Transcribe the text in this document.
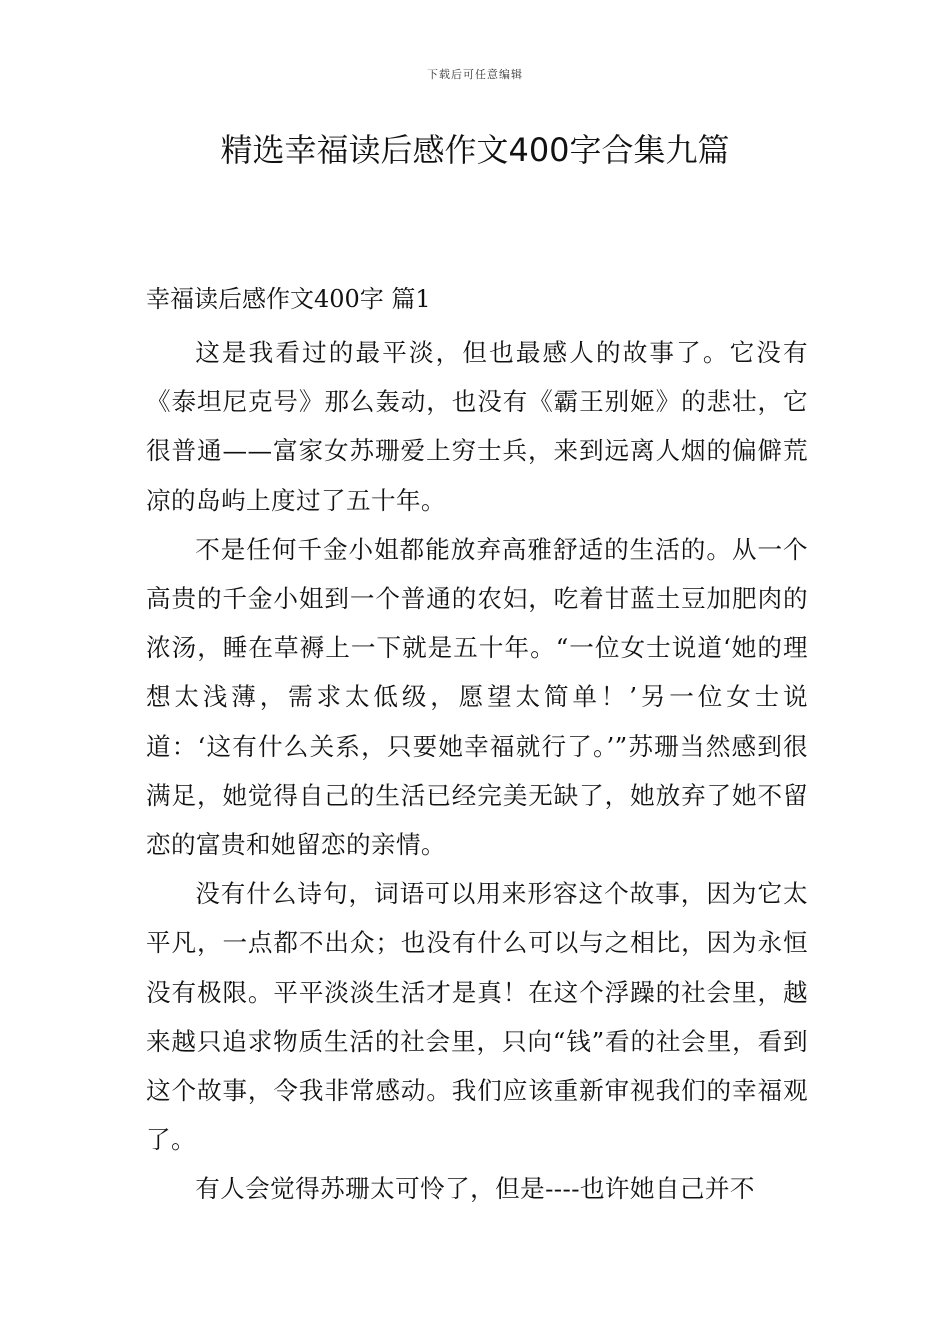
下载后可任意编辑
精选幸福读后感作文400字合集九篇
幸福读后感作文400字 篇1

这是我看过的最平淡，但也最感人的故事了。它没有《泰坦尼克号》那么轰动，也没有《霸王别姬》的悲壮，它很普通——富家女苏珊爱上穷士兵，来到远离人烟的偏僻荒凉的岛屿上度过了五十年。

不是任何千金小姐都能放弃高雅舒适的生活的。从一个高贵的千金小姐到一个普通的农妇，吃着甘蓝土豆加肥肉的浓汤，睡在草褥上一下就是五十年。“一位女士说道‘她的理想太浅薄，需求太低级，愿望太简单！’另一位女士说道：‘这有什么关系，只要她幸福就行了。’”苏珊当然感到很满足，她觉得自己的生活已经完美无缺了，她放弃了她不留恋的富贵和她留恋的亲情。

没有什么诗句，词语可以用来形容这个故事，因为它太平凡，一点都不出众；也没有什么可以与之相比，因为永恒没有极限。平平淡淡生活才是真！在这个浮躁的社会里，越来越只追求物质生活的社会里，只向“钱”看的社会里，看到这个故事，令我非常感动。我们应该重新审视我们的幸福观了。

有人会觉得苏珊太可怜了，但是----也许她自己并不
